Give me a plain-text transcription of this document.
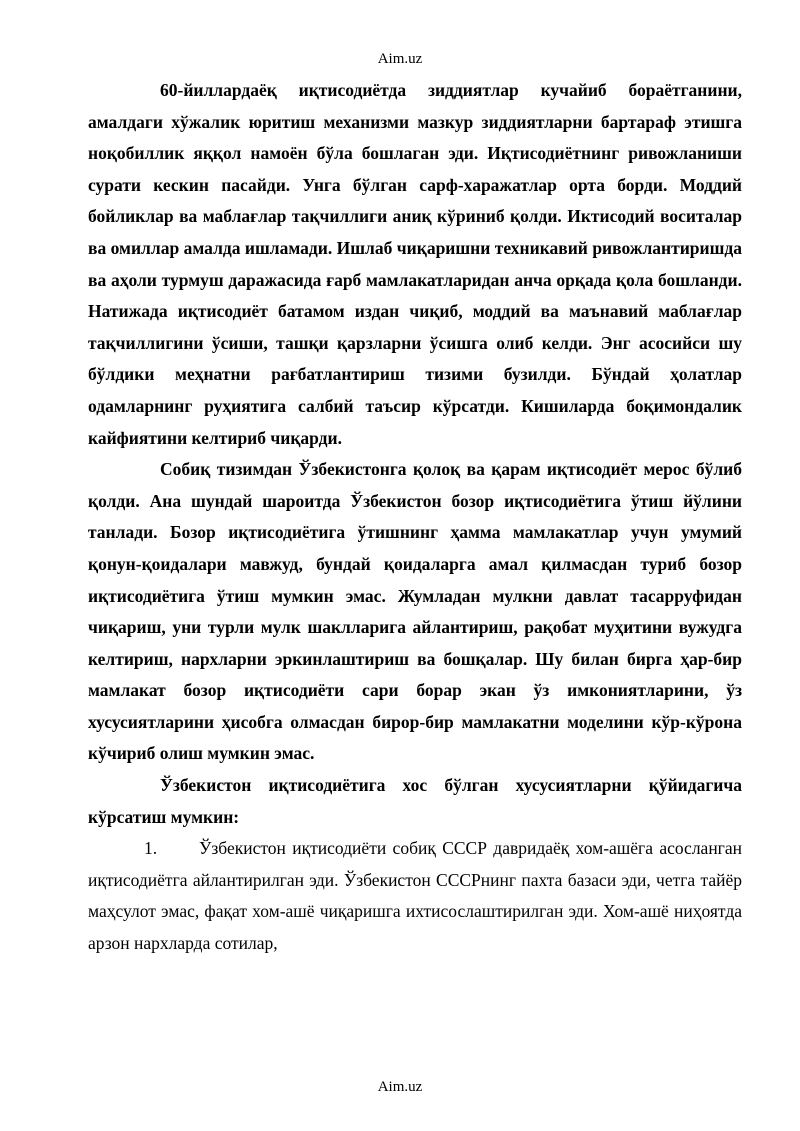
Aim.uz

60-йиллардаёқ иқтисодиётда зиддиятлар кучайиб бораётганини, амалдаги хўжалик юритиш механизми мазкур зиддиятларни бартараф этишга ноқобиллик яққол намоён бўла бошлаган эди. Иқтисодиётнинг ривожланиши сурати кескин пасайди. Унга бўлган сарф-харажатлар орта борди. Моддий бойликлар ва маблағлар тақчиллиги аниқ кўриниб қолди. Иктисодий воситалар ва омиллар амалда ишламади. Ишлаб чиқаришни техникавий ривожлантиришда ва аҳоли турмуш даражасида ғарб мамлакатларидан анча орқада қола бошланди. Натижада иқтисодиёт батамом издан чиқиб, моддий ва маънавий маблағлар тақчиллигини ўсиши, ташқи қарзларни ўсишга олиб келди. Энг асосийси шу бўлдики меҳнатни рағбатлантириш тизими бузилди. Бўндай ҳолатлар одамларнинг руҳиятига салбий таъсир кўрсатди. Кишиларда боқимондалик кайфиятини келтириб чиқарди.

Собиқ тизимдан Ўзбекистонга қолоқ ва қарам иқтисодиёт мерос бўлиб қолди. Ана шундай шароитда Ўзбекистон бозор иқтисодиётига ўтиш йўлини танлади. Бозор иқтисодиётига ўтишнинг ҳамма мамлакатлар учун умумий қонун-қоидалари мавжуд, бундай қоидаларга амал қилмасдан туриб бозор иқтисодиётига ўтиш мумкин эмас. Жумладан мулкни давлат тасарруфидан чиқариш, уни турли мулк шаклларига айлантириш, рақобат муҳитини вужудга келтириш, нархларни эркинлаштириш ва бошқалар. Шу билан бирга ҳар-бир мамлакат бозор иқтисодиёти сари борар экан ўз имкониятларини, ўз хусусиятларини ҳисобга олмасдан бирор-бир мамлакатни моделини кўр-кўрона кўчириб олиш мумкин эмас.

Ўзбекистон иқтисодиётига хос бўлган хусусиятларни қўйидагича кўрсатиш мумкин:

1. Ўзбекистон иқтисодиёти собиқ СССР давридаёқ хом-ашёга асосланган иқтисодиётга айлантирилган эди. Ўзбекистон СССРнинг пахта базаси эди, четга тайёр маҳсулот эмас, фақат хом-ашё чиқаришга ихтисослаштирилган эди. Хом-ашё ниҳоятда арзон нархларда сотилар,

Aim.uz
